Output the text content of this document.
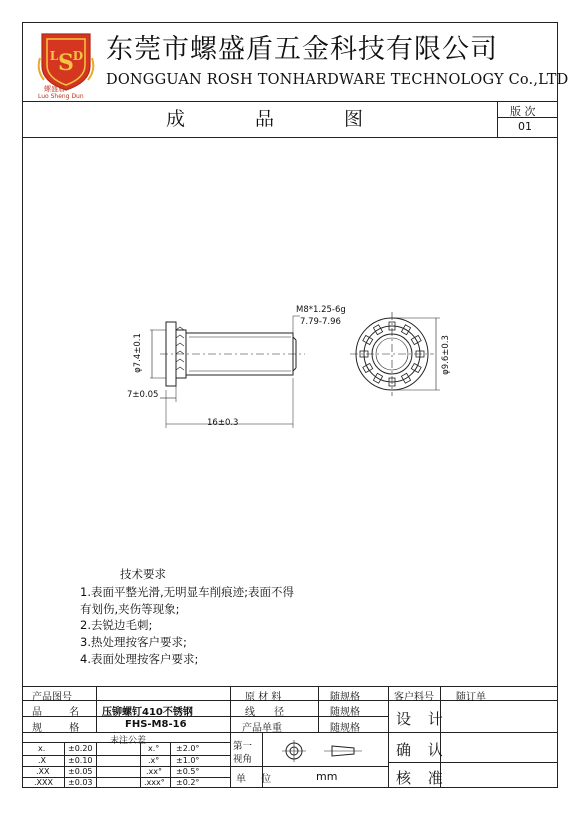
S
L D
螺盛盾
Luo Sheng Dun
东莞市螺盛盾五金科技有限公司
DONGGUAN ROSH TONHARDWARE TECHNOLOGY Co.,LTD
成品图	版 次
01
M8*1.25-6g
7.79-7.96
φ7.4±0.1
7±0.05
16±0.3
φ9.6±0.3
技术要求
1.表面平整光滑,无明显车削痕迹;表面不得
有划伤,夹伤等现象;
2.去锐边毛刺;
3.热处理按客户要求;
4.表面处理按客户要求;
产品图号
品 名 压铆螺钉410不锈钢
规 格	FHS-M8-16
原 材 料	随规格
线 径	随规格
产品单重	随规格
客户料号 随订单
设 计
确 认
核 准
未注公差
x.	±0.20	x.° ±2.0°
.X	±0.10	.x° ±1.0°
.XX ±0.05	.xx° ±0.5°
.XXX ±0.03	.xxx° ±0.2°
第一视角
单 位	mm
